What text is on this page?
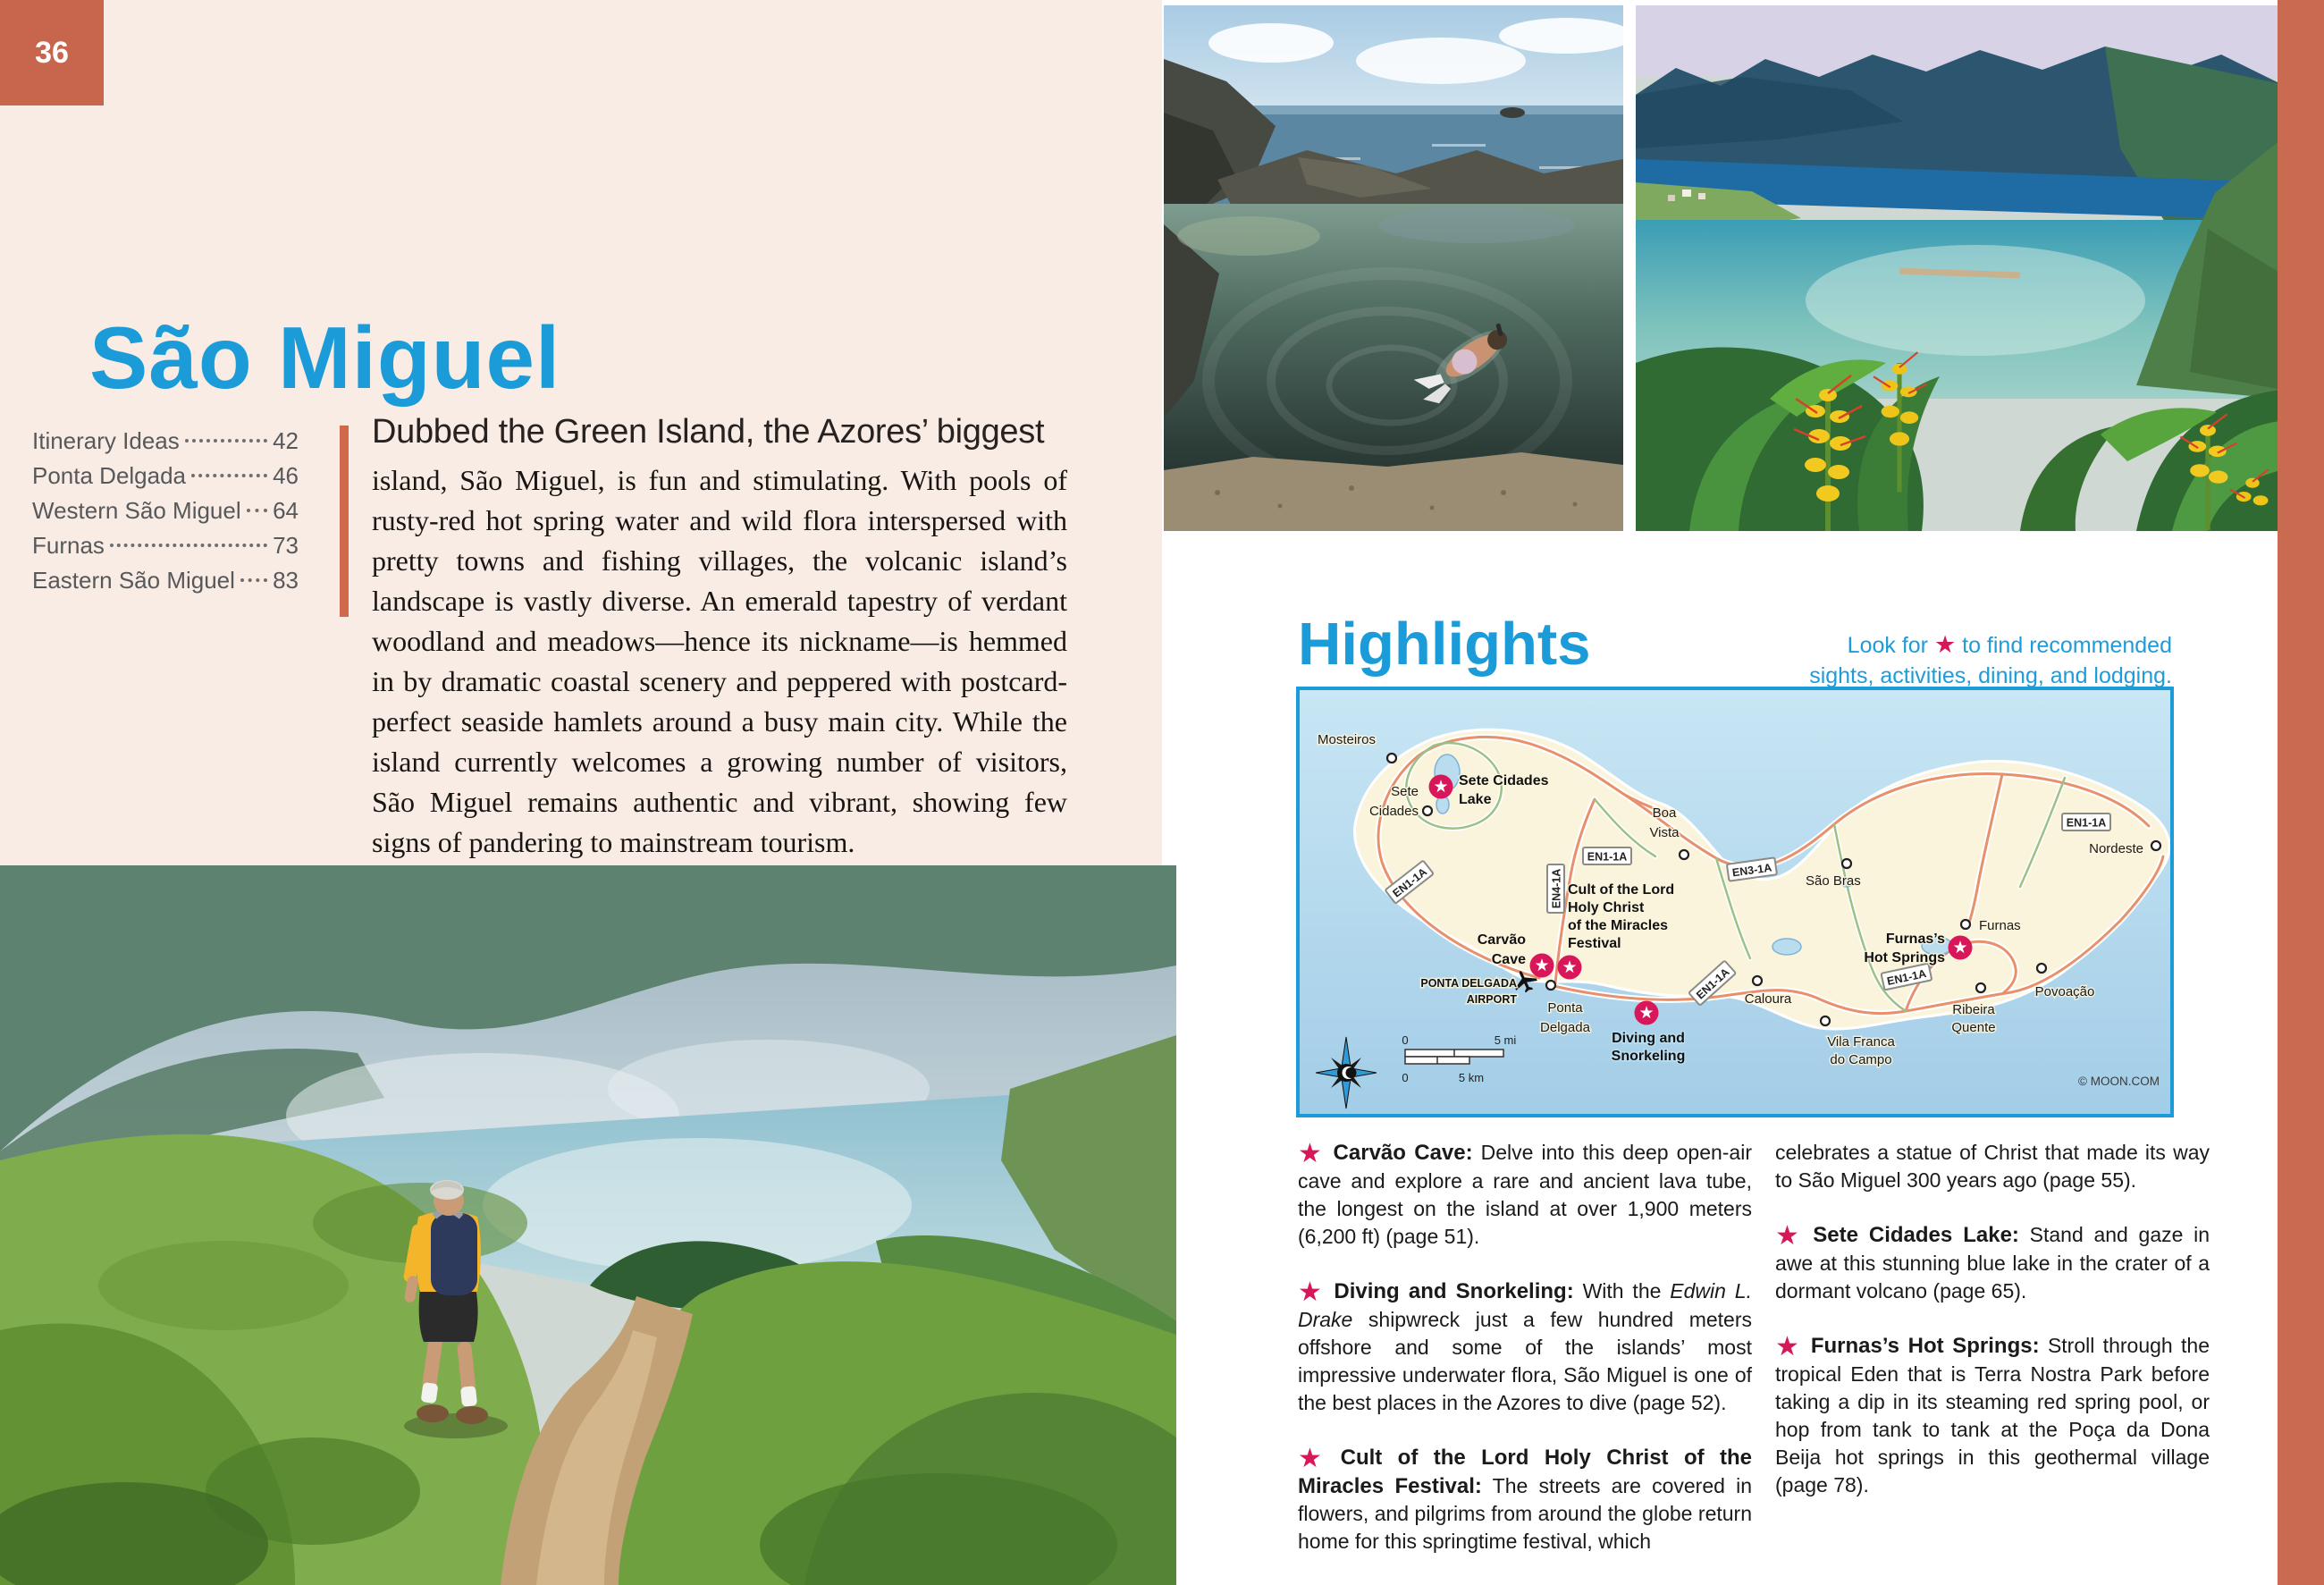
36
São Miguel
Itinerary Ideas	42
Ponta Delgada	46
Western São Miguel 64
Furnas	73
Eastern São Miguel 83
Dubbed the Green Island, the Azores’ biggest

island, São Miguel, is fun and stimulating. With pools of rusty-red hot spring water and wild flora interspersed with pretty towns and fishing villages, the volcanic island’s landscape is vastly diverse. An emerald tapestry of verdant woodland and meadows—hence its nickname—is hemmed in by dramatic coastal scenery and peppered with postcard-perfect seaside hamlets around a busy main city. While the island currently welcomes a growing number of visitors, São Miguel remains authentic and vibrant, showing few signs of pandering to mainstream tourism.

Highlights	Look for ★ to find recommended
sights, activities, dining, and lodging.
EN1-1A
EN1-1A
EN4-1A	EN3-1A
EN1-1A	EN1-1A
EN1-1A
PONTA DELGADA
AIRPORT
★
★ ★
★
★
Mosteiros
Sete
Cidades	Boa
Vista
São Bras
Nordeste
Furnas
Povoação
Ribeira
Quente
Vila Franca
do Campo
Caloura
Ponta
Delgada
Sete Cidades
Lake
Carvão
Cave
Cult of the Lord
Holy Christ
of the Miracles
Festival
Diving and
Snorkeling
Furnas’s
Hot Springs
0	5 mi
0	5 km	© MOON.COM

★ Carvão Cave: Delve into this deep open-air cave and explore a rare and ancient lava tube, the longest on the island at over 1,900 meters (6,200 ft) (page 51).

★ Diving and Snorkeling: With the Edwin L. Drake shipwreck just a few hundred meters offshore and some of the islands’ most impressive underwater flora, São Miguel is one of the best places in the Azores to dive (page 52).

★ Cult of the Lord Holy Christ of the Miracles Festival: The streets are covered in flowers, and pilgrims from around the globe return home for this springtime festival, which

celebrates a statue of Christ that made its way to São Miguel 300 years ago (page 55).

★ Sete Cidades Lake: Stand and gaze in awe at this stunning blue lake in the crater of a dormant volcano (page 65).

★ Furnas’s Hot Springs: Stroll through the tropical Eden that is Terra Nostra Park before taking a dip in its steaming red spring pool, or hop from tank to tank at the Poça da Dona Beija hot springs in this geothermal village (page 78).
